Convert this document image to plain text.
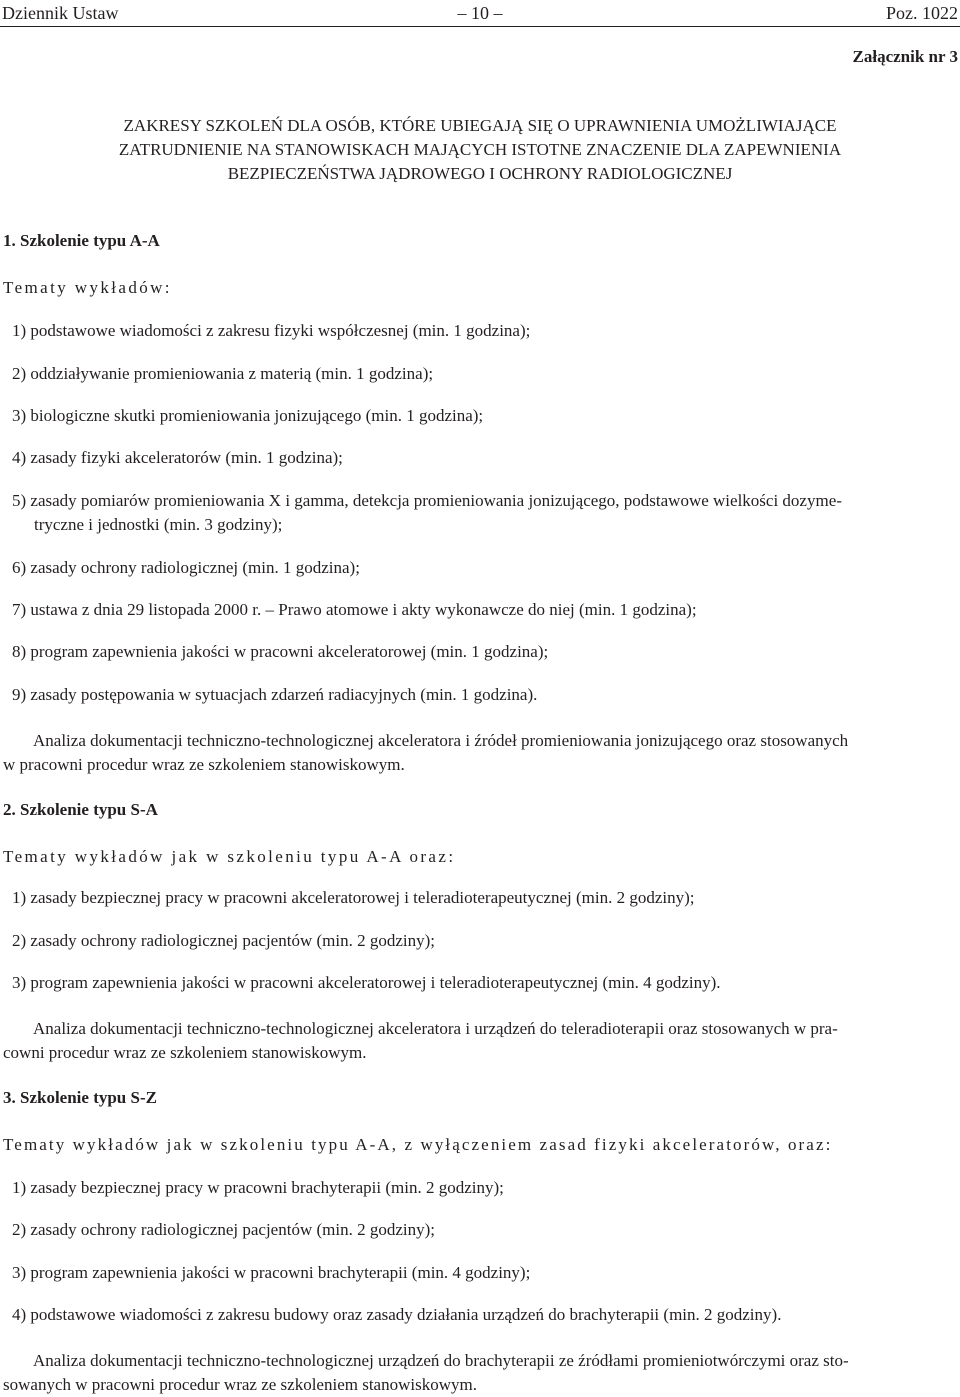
Dziennik Ustaw	– 10 –	Poz. 1022
Załącznik nr 3
ZAKRESY SZKOLEŃ DLA OSÓB, KTÓRE UBIEGAJĄ SIĘ O UPRAWNIENIA UMOŻLIWIAJĄCE
ZATRUDNIENIE NA STANOWISKACH MAJĄCYCH ISTOTNE ZNACZENIE DLA ZAPEWNIENIA
BEZPIECZEŃSTWA JĄDROWEGO I OCHRONY RADIOLOGICZNEJ
1. Szkolenie typu A-A
Tematy wykładów:
1) podstawowe wiadomości z zakresu fizyki współczesnej (min. 1 godzina);
2) oddziaływanie promieniowania z materią (min. 1 godzina);
3) biologiczne skutki promieniowania jonizującego (min. 1 godzina);
4) zasady fizyki akceleratorów (min. 1 godzina);
5) zasady pomiarów promieniowania X i gamma, detekcja promieniowania jonizującego, podstawowe wielkości dozyme-
tryczne i jednostki (min. 3 godziny);
6) zasady ochrony radiologicznej (min. 1 godzina);
7) ustawa z dnia 29 listopada 2000 r. – Prawo atomowe i akty wykonawcze do niej (min. 1 godzina);
8) program zapewnienia jakości w pracowni akceleratorowej (min. 1 godzina);
9) zasady postępowania w sytuacjach zdarzeń radiacyjnych (min. 1 godzina).
Analiza dokumentacji techniczno-technologicznej akceleratora i źródeł promieniowania jonizującego oraz stosowanych
w pracowni procedur wraz ze szkoleniem stanowiskowym.
2. Szkolenie typu S-A
Tematy wykładów jak w szkoleniu typu A-A oraz:
1) zasady bezpiecznej pracy w pracowni akceleratorowej i teleradioterapeutycznej (min. 2 godziny);
2) zasady ochrony radiologicznej pacjentów (min. 2 godziny);
3) program zapewnienia jakości w pracowni akceleratorowej i teleradioterapeutycznej (min. 4 godziny).
Analiza dokumentacji techniczno-technologicznej akceleratora i urządzeń do teleradioterapii oraz stosowanych w pra-
cowni procedur wraz ze szkoleniem stanowiskowym.
3. Szkolenie typu S-Z
Tematy wykładów jak w szkoleniu typu A-A, z wyłączeniem zasad fizyki akceleratorów, oraz:
1) zasady bezpiecznej pracy w pracowni brachyterapii (min. 2 godziny);
2) zasady ochrony radiologicznej pacjentów (min. 2 godziny);
3) program zapewnienia jakości w pracowni brachyterapii (min. 4 godziny);
4) podstawowe wiadomości z zakresu budowy oraz zasady działania urządzeń do brachyterapii (min. 2 godziny).
Analiza dokumentacji techniczno-technologicznej urządzeń do brachyterapii ze źródłami promieniotwórczymi oraz sto-
sowanych w pracowni procedur wraz ze szkoleniem stanowiskowym.
